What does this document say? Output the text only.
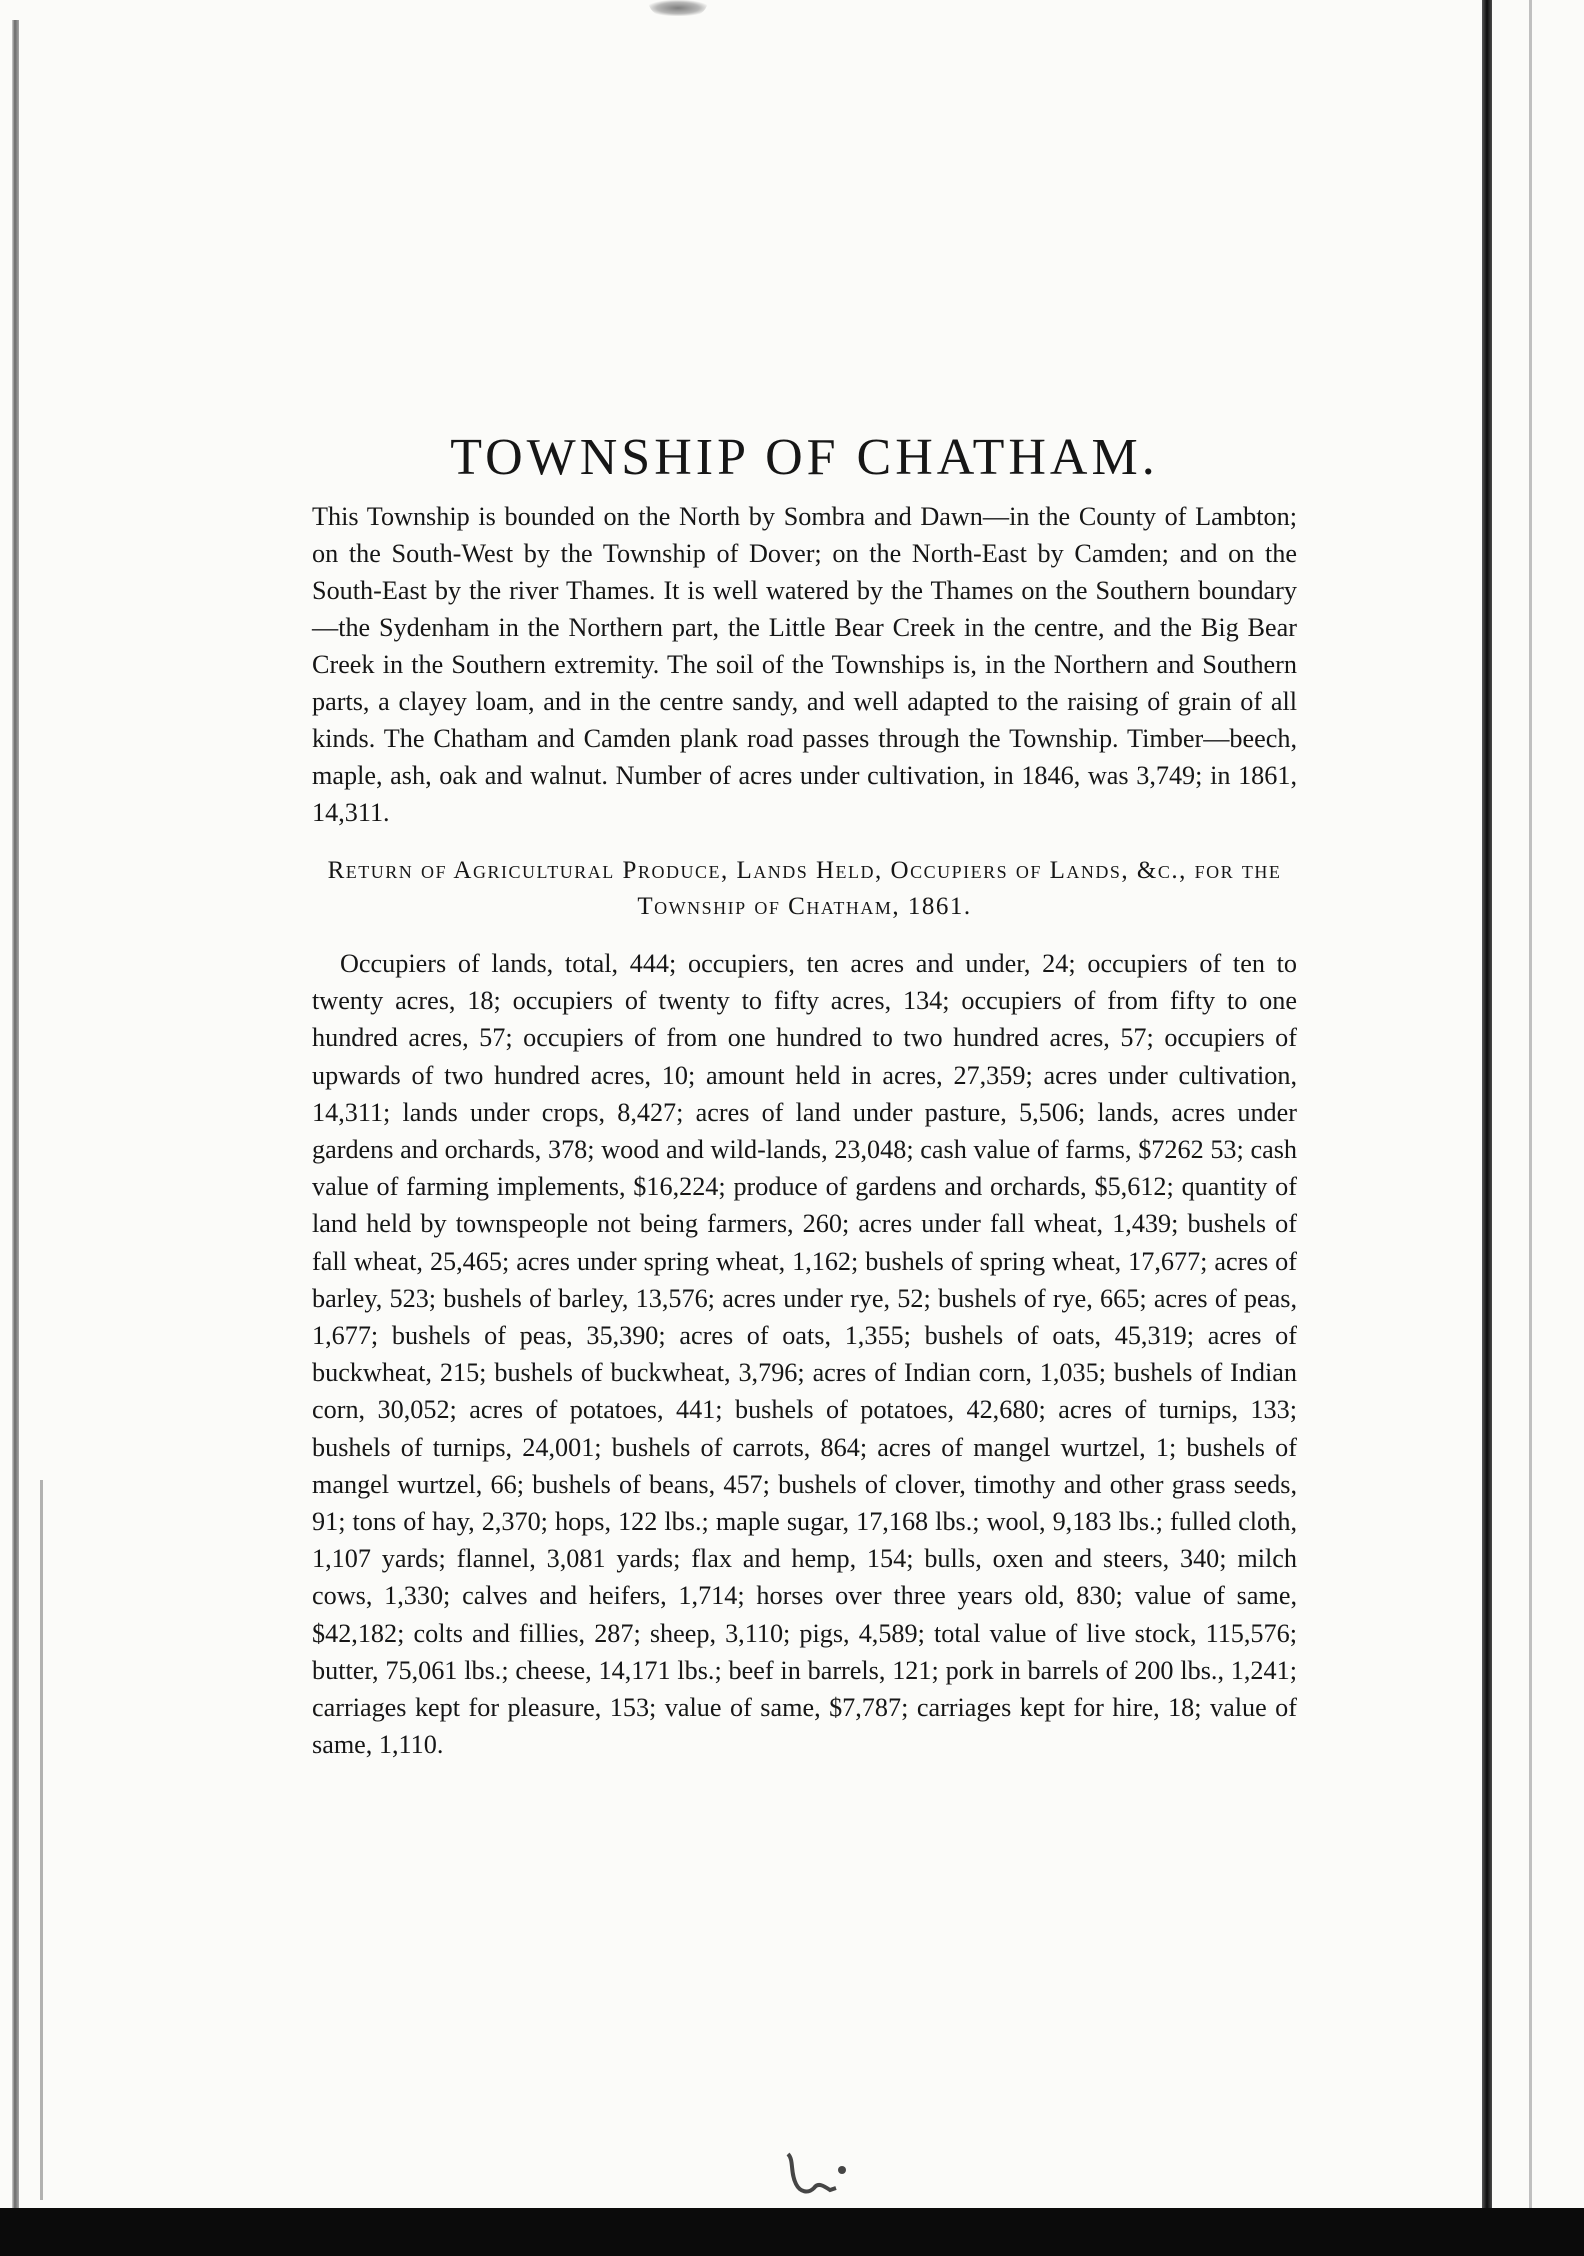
TOWNSHIP OF CHATHAM.

This Township is bounded on the North by Sombra and Dawn—in the County of Lambton; on the South-West by the Township of Dover; on the North-East by Camden; and on the South-East by the river Thames. It is well watered by the Thames on the Southern boundary—the Sydenham in the Northern part, the Little Bear Creek in the centre, and the Big Bear Creek in the Southern extremity. The soil of the Townships is, in the Northern and Southern parts, a clayey loam, and in the centre sandy, and well adapted to the raising of grain of all kinds. The Chatham and Camden plank road passes through the Township. Timber—beech, maple, ash, oak and walnut. Number of acres under cultivation, in 1846, was 3,749; in 1861, 14,311.

Return of Agricultural Produce, Lands Held, Occupiers of Lands, &c., for the Township of Chatham, 1861.

Occupiers of lands, total, 444; occupiers, ten acres and under, 24; occupiers of ten to twenty acres, 18; occupiers of twenty to fifty acres, 134; occupiers of from fifty to one hundred acres, 57; occupiers of from one hundred to two hundred acres, 57; occupiers of upwards of two hundred acres, 10; amount held in acres, 27,359; acres under cultivation, 14,311; lands under crops, 8,427; acres of land under pasture, 5,506; lands, acres under gardens and orchards, 378; wood and wild-lands, 23,048; cash value of farms, $7262 53; cash value of farming implements, $16,224; produce of gardens and orchards, $5,612; quantity of land held by townspeople not being farmers, 260; acres under fall wheat, 1,439; bushels of fall wheat, 25,465; acres under spring wheat, 1,162; bushels of spring wheat, 17,677; acres of barley, 523; bushels of barley, 13,576; acres under rye, 52; bushels of rye, 665; acres of peas, 1,677; bushels of peas, 35,390; acres of oats, 1,355; bushels of oats, 45,319; acres of buckwheat, 215; bushels of buckwheat, 3,796; acres of Indian corn, 1,035; bushels of Indian corn, 30,052; acres of potatoes, 441; bushels of potatoes, 42,680; acres of turnips, 133; bushels of turnips, 24,001; bushels of carrots, 864; acres of mangel wurtzel, 1; bushels of mangel wurtzel, 66; bushels of beans, 457; bushels of clover, timothy and other grass seeds, 91; tons of hay, 2,370; hops, 122 lbs.; maple sugar, 17,168 lbs.; wool, 9,183 lbs.; fulled cloth, 1,107 yards; flannel, 3,081 yards; flax and hemp, 154; bulls, oxen and steers, 340; milch cows, 1,330; calves and heifers, 1,714; horses over three years old, 830; value of same, $42,182; colts and fillies, 287; sheep, 3,110; pigs, 4,589; total value of live stock, 115,576; butter, 75,061 lbs.; cheese, 14,171 lbs.; beef in barrels, 121; pork in barrels of 200 lbs., 1,241; carriages kept for pleasure, 153; value of same, $7,787; carriages kept for hire, 18; value of same, 1,110.
